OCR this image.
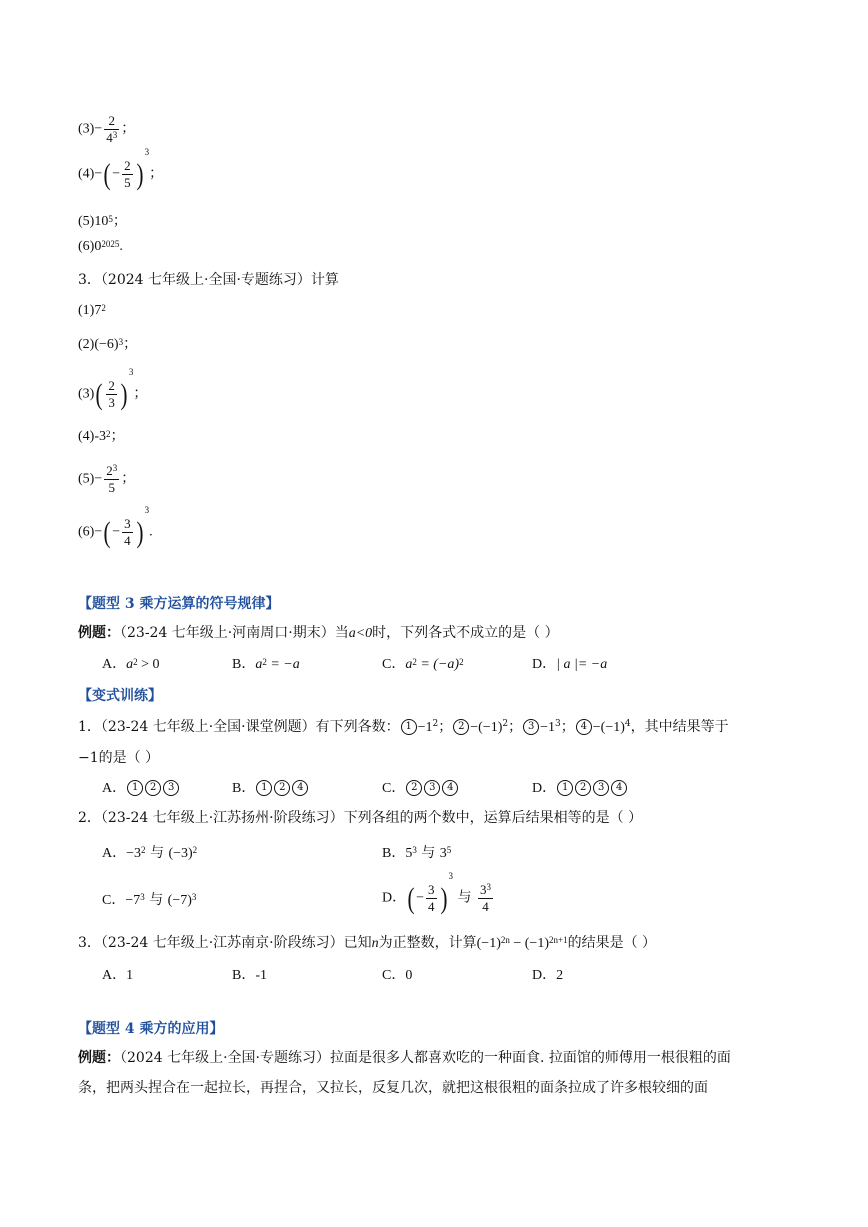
$(3)- \frac{2}{4^3}$ ；
$(4)-( - \frac{2}{5} )^3$；
$(5)10^5$；
$(6)0^{2025}$.
3．（2024 七年级上·全国·专题练习）计算
$(1)7^2$
$(2)(-6)^3$；
$(3)( \frac{2}{3} )^3$；
$(4)-3^2$；
$(5)- \frac{2^3}{5}$ ；
$(6)-( - \frac{3}{4} )^3$.
【题型 3 乘方运算的符号规律】
例题：（23-24 七年级上·河南周口·期末）当a<0时，下列各式不成立的是（ ）
A．$a^2 > 0$	B．$a^2 = -a$	C．$a^2 = (-a)^2$	D．| a |= −a
【变式训练】
1．（23-24 七年级上·全国·课堂例题）有下列各数： $1 -1^2$； $2 -(-1)^2$； $3 -1^3$； $4 -(-1)^4$，其中结果等于
−1的是（ ）
A． 1 2 3	B． 1 2 4	C． 2 3 4	D． 1 2 3 4
2．（23-24 七年级上·江苏扬州·阶段练习）下列各组的两个数中，运算后结果相等的是（ ）
A．$-3^2$ 与 $(-3)^2$	B．$5^3$ 与 $3^5$
C．$-7^3$ 与 $(-7)^3$	D．( − $\frac{3}{4} )^3$ 与 $\frac{3^3}{4}$
3．（23-24 七年级上·江苏南京·阶段练习）已知n为正整数，计算$(-1)^{2n} - (-1)^{2n+1}$的结果是（ ）
A．1	B．-1	C．0	D．2
【题型 4 乘方的应用】
例题：（2024 七年级上·全国·专题练习）拉面是很多人都喜欢吃的一种面食. 拉面馆的师傅用一根很粗的面
条，把两头捏合在一起拉长，再捏合，又拉长，反复几次，就把这根很粗的面条拉成了许多根较细的面
